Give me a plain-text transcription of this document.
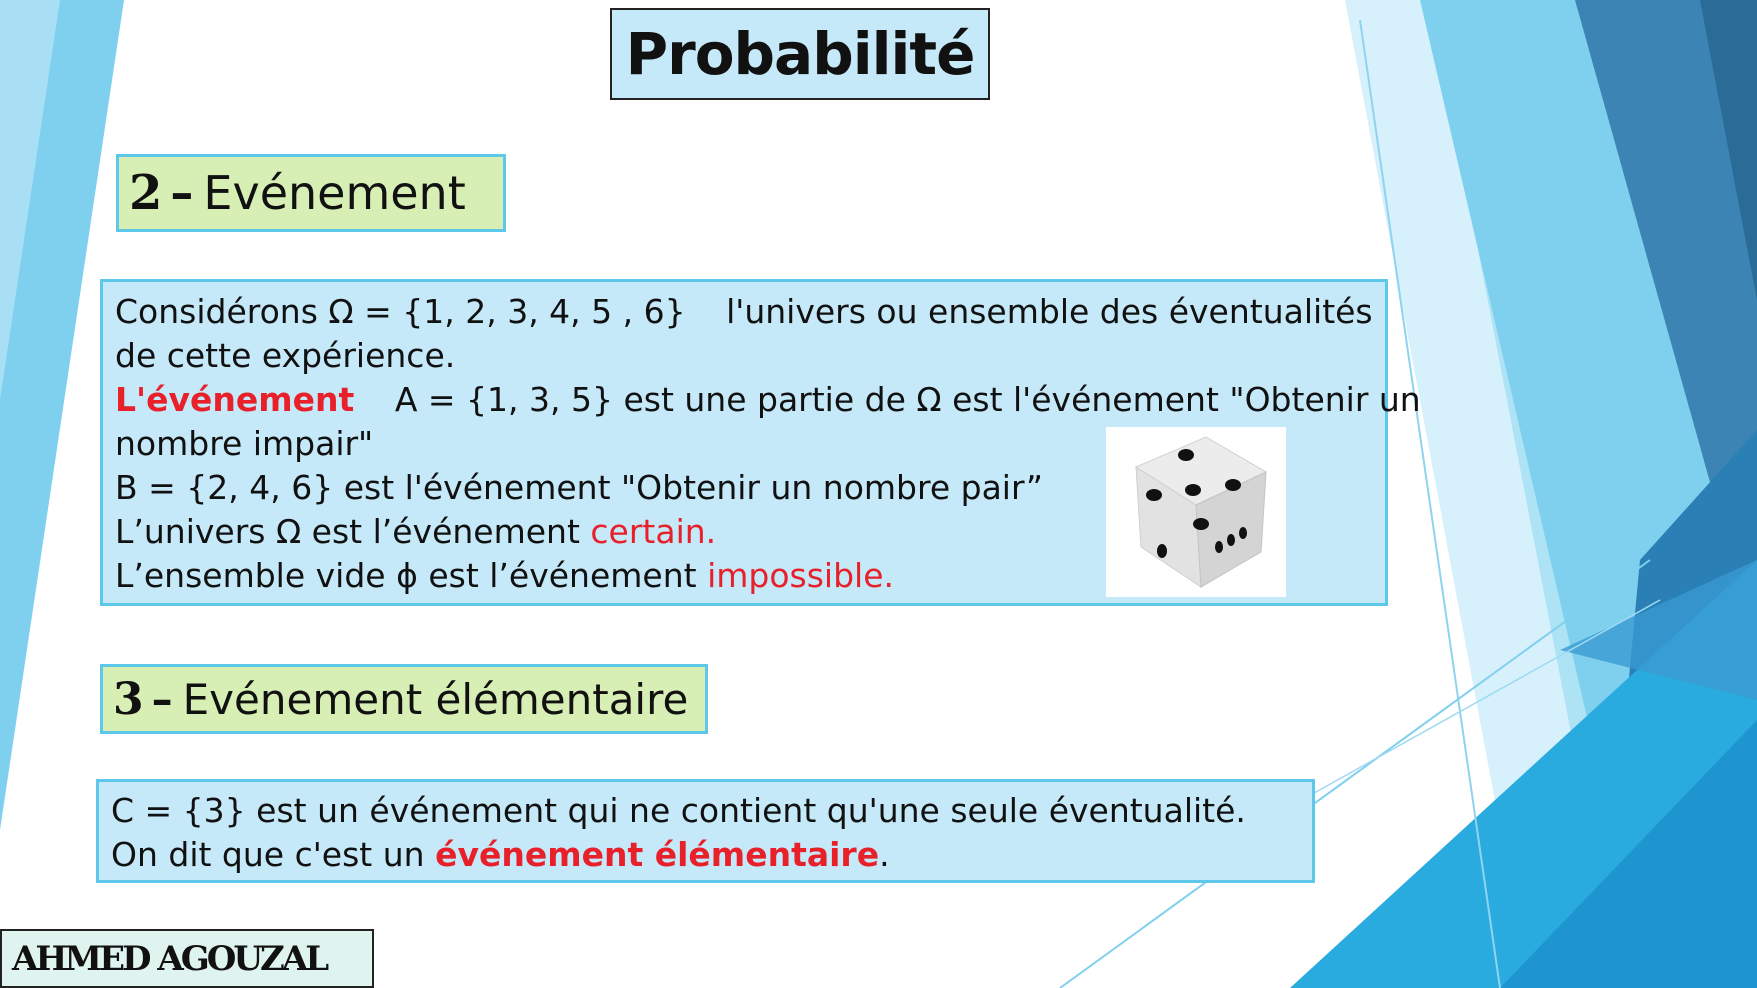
Probabilité
2 – Evénement
Considérons Ω = {1, 2, 3, 4, 5 , 6} l'univers ou ensemble des éventualités
de cette expérience.
L'événement A = {1, 3, 5} est une partie de Ω est l'événement "Obtenir un
nombre impair"
B = {2, 4, 6} est l'événement "Obtenir un nombre pair”
L’univers Ω est l’événement certain.
L’ensemble vide ϕ est l’événement impossible.
3 – Evénement élémentaire
C = {3} est un événement qui ne contient qu'une seule éventualité.
On dit que c'est un événement élémentaire.
AHMED AGOUZAL
